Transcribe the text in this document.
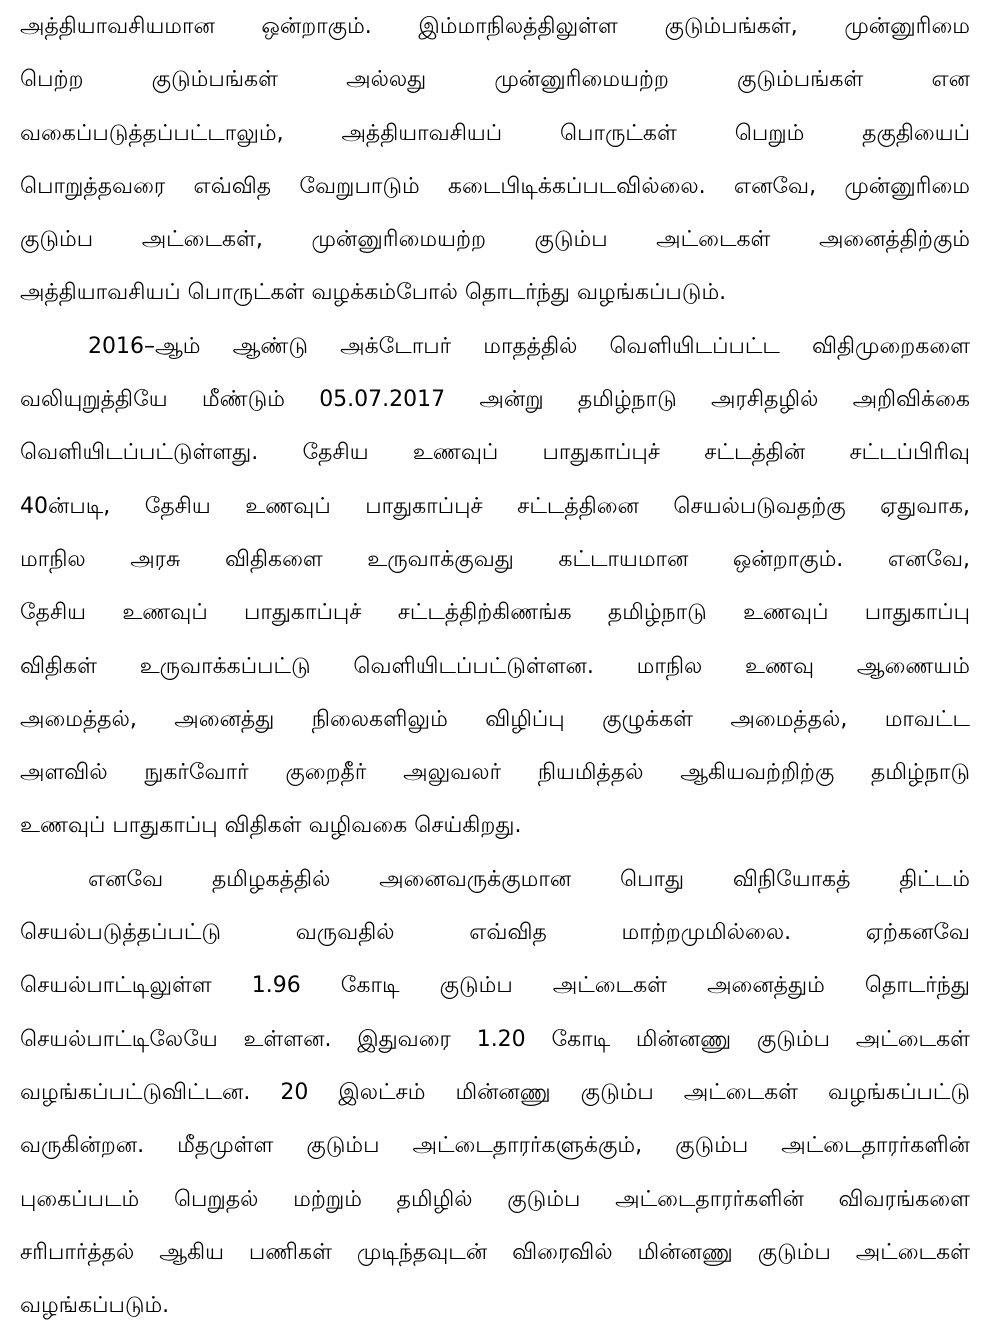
அத்தியாவசியமான ஒன்றாகும். இம்மாநிலத்திலுள்ள குடும்பங்கள், முன்னுரிமை
பெற்ற குடும்பங்கள் அல்லது முன்னுரிமையற்ற குடும்பங்கள் என
வகைப்படுத்தப்பட்டாலும், அத்தியாவசியப் பொருட்கள் பெறும் தகுதியைப்
பொறுத்தவரை எவ்வித வேறுபாடும் கடைபிடிக்கப்படவில்லை. எனவே, முன்னுரிமை
குடும்ப அட்டைகள், முன்னுரிமையற்ற குடும்ப அட்டைகள் அனைத்திற்கும்
அத்தியாவசியப் பொருட்கள் வழக்கம்போல் தொடர்ந்து வழங்கப்படும்.
2016–ஆம் ஆண்டு அக்டோபர் மாதத்தில் வெளியிடப்பட்ட விதிமுறைகளை
வலியுறுத்தியே மீண்டும் 05.07.2017 அன்று தமிழ்நாடு அரசிதழில் அறிவிக்கை
வெளியிடப்பட்டுள்ளது. தேசிய உணவுப் பாதுகாப்புச் சட்டத்தின் சட்டப்பிரிவு
40ன்படி, தேசிய உணவுப் பாதுகாப்புச் சட்டத்தினை செயல்படுவதற்கு ஏதுவாக,
மாநில அரசு விதிகளை உருவாக்குவது கட்டாயமான ஒன்றாகும். எனவே,
தேசிய உணவுப் பாதுகாப்புச் சட்டத்திற்கிணங்க தமிழ்நாடு உணவுப் பாதுகாப்பு
விதிகள் உருவாக்கப்பட்டு வெளியிடப்பட்டுள்ளன. மாநில உணவு ஆணையம்
அமைத்தல், அனைத்து நிலைகளிலும் விழிப்பு குழுக்கள் அமைத்தல், மாவட்ட
அளவில் நுகர்வோர் குறைதீர் அலுவலர் நியமித்தல் ஆகியவற்றிற்கு தமிழ்நாடு
உணவுப் பாதுகாப்பு விதிகள் வழிவகை செய்கிறது.
எனவே தமிழகத்தில் அனைவருக்குமான பொது விநியோகத் திட்டம்
செயல்படுத்தப்பட்டு வருவதில் எவ்வித மாற்றமுமில்லை. ஏற்கனவே
செயல்பாட்டிலுள்ள 1.96 கோடி குடும்ப அட்டைகள் அனைத்தும் தொடர்ந்து
செயல்பாட்டிலேயே உள்ளன. இதுவரை 1.20 கோடி மின்னணு குடும்ப அட்டைகள்
வழங்கப்பட்டுவிட்டன. 20 இலட்சம் மின்னணு குடும்ப அட்டைகள் வழங்கப்பட்டு
வருகின்றன. மீதமுள்ள குடும்ப அட்டைதாரர்களுக்கும், குடும்ப அட்டைதாரர்களின்
புகைப்படம் பெறுதல் மற்றும் தமிழில் குடும்ப அட்டைதாரர்களின் விவரங்களை
சரிபார்த்தல் ஆகிய பணிகள் முடிந்தவுடன் விரைவில் மின்னணு குடும்ப அட்டைகள்
வழங்கப்படும்.
